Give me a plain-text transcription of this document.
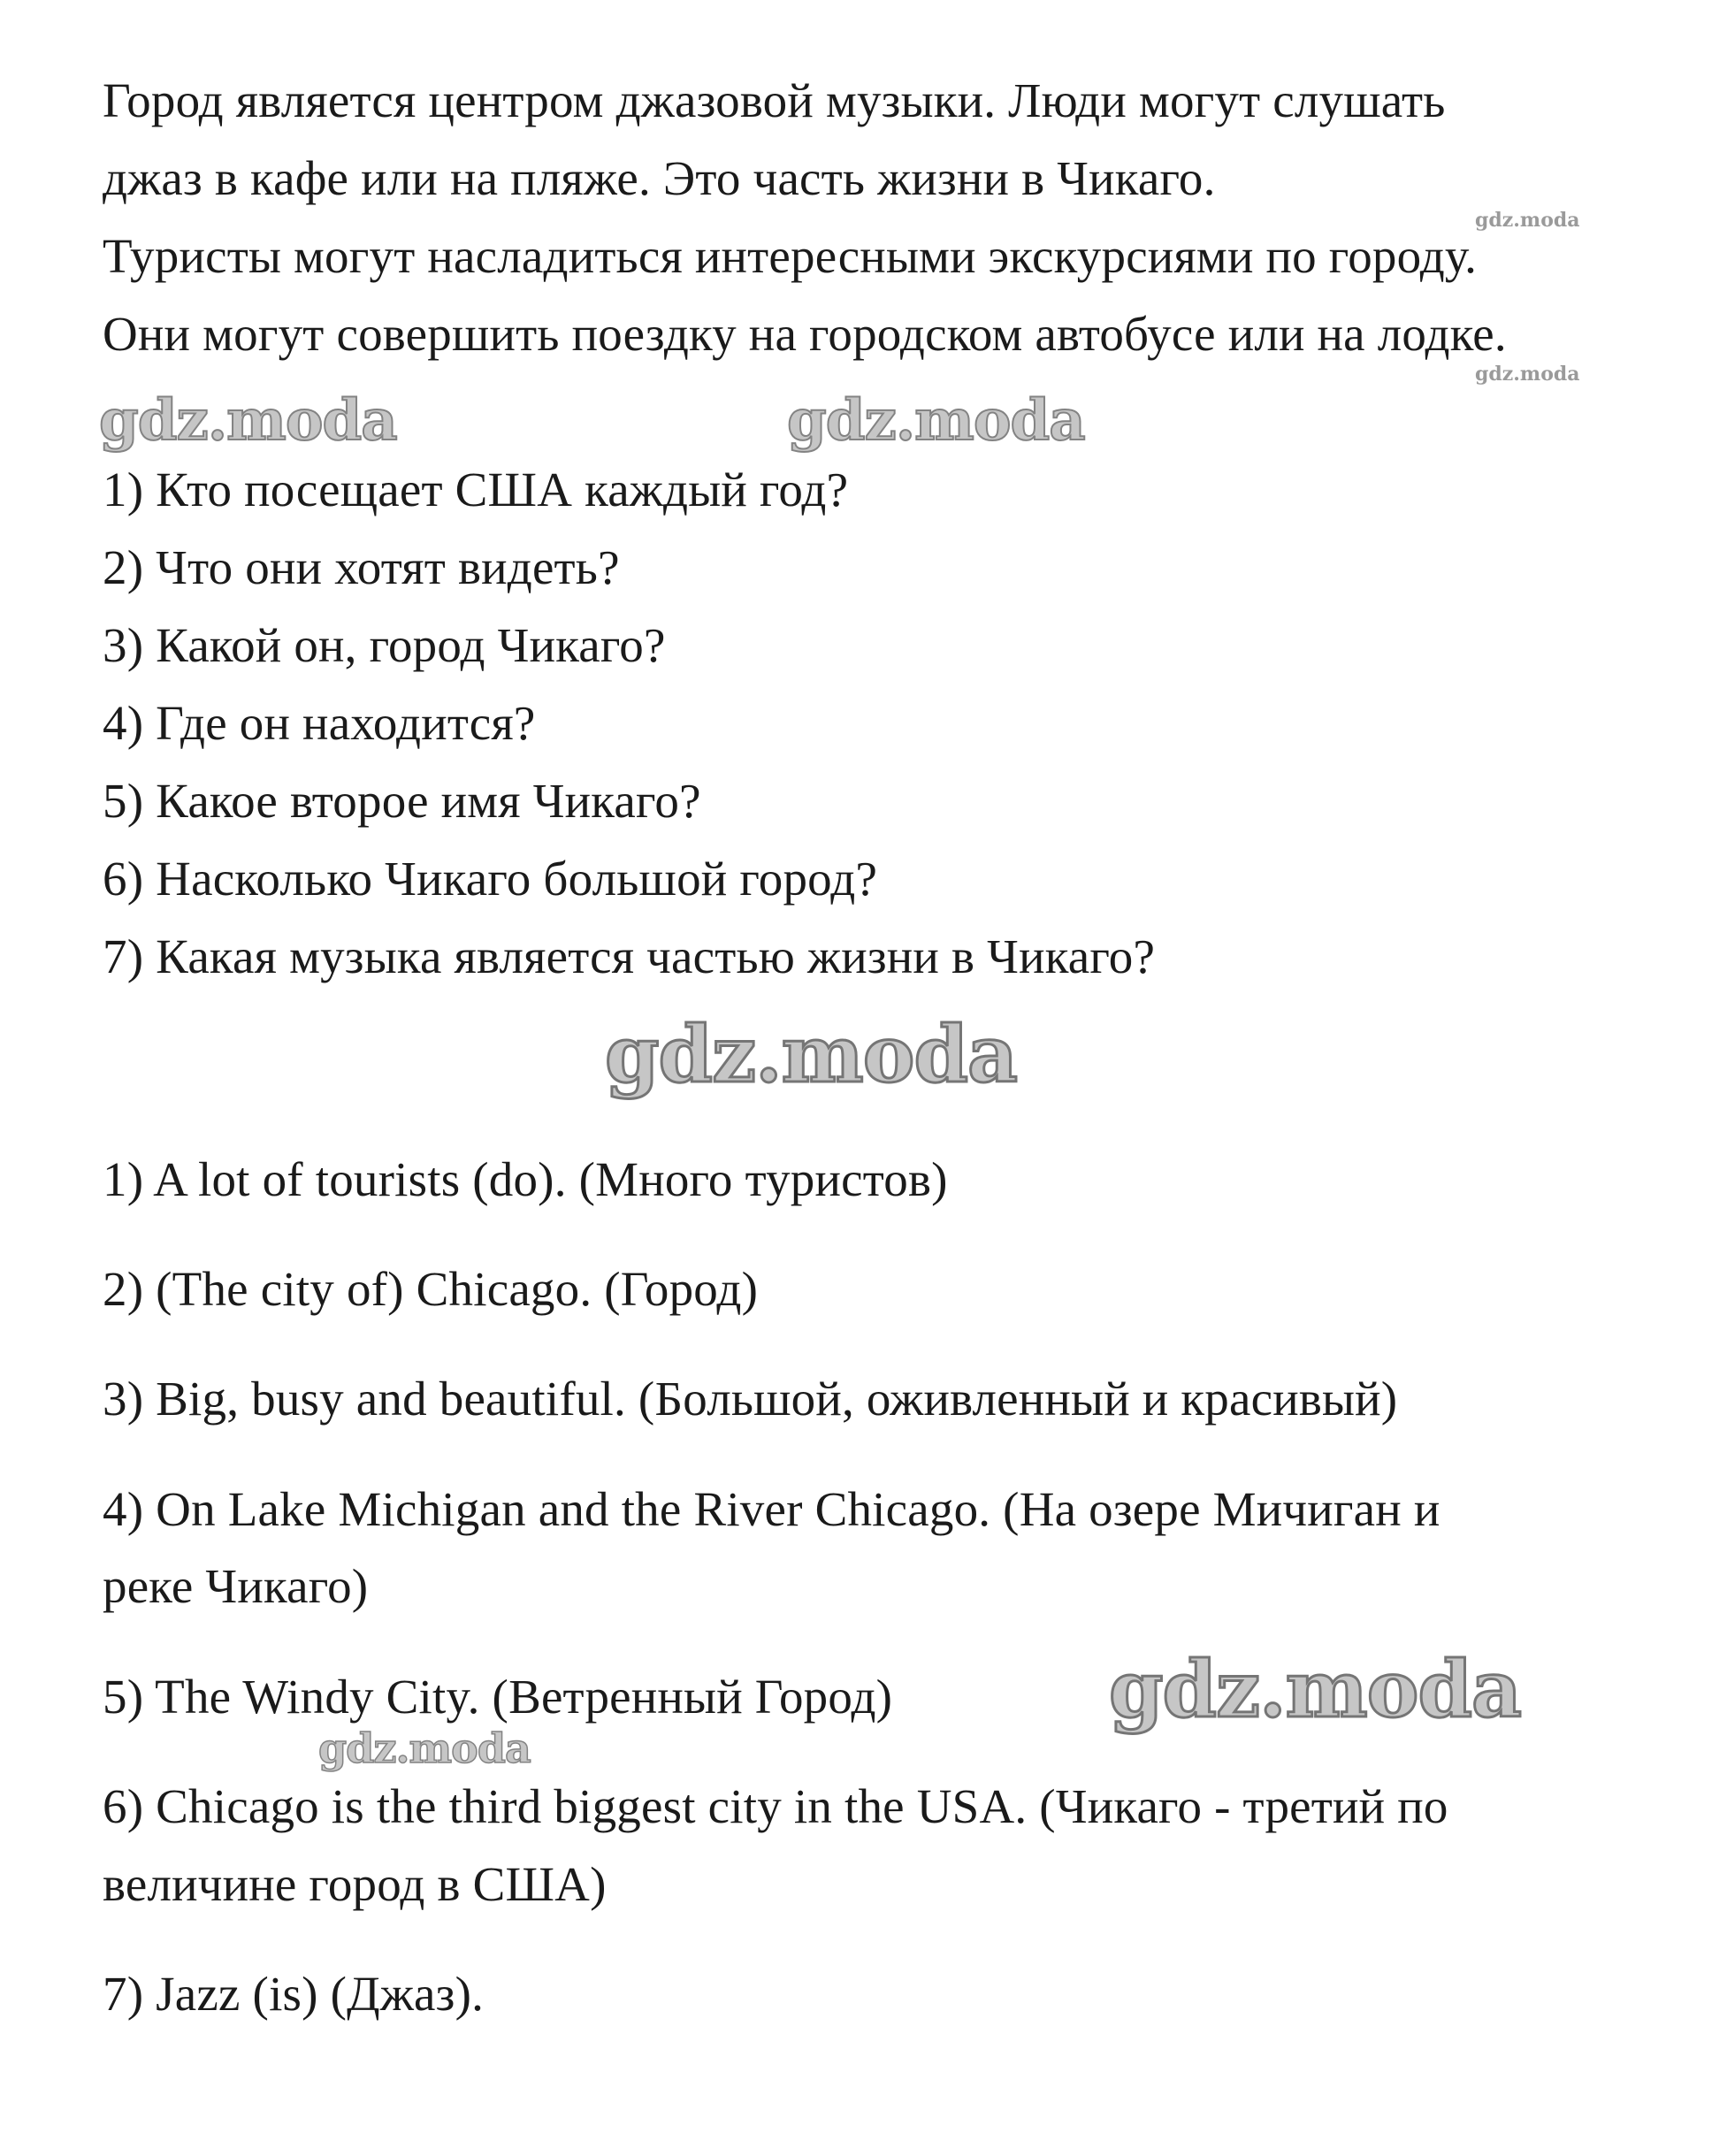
Город является центром джазовой музыки. Люди могут слушать
джаз в кафе или на пляже. Это часть жизни в Чикаго.
Туристы могут насладиться интересными экскурсиями по городу.
Они могут совершить поездку на городском автобусе или на лодке.
1) Кто посещает США каждый год?
2) Что они хотят видеть?
3) Какой он, город Чикаго?
4) Где он находится?
5) Какое второе имя Чикаго?
6) Насколько Чикаго большой город?
7) Какая музыка является частью жизни в Чикаго?
1) A lot of tourists (do). (Много туристов)
2) (The city of) Chicago. (Город)
3) Big, busy and beautiful. (Большой, оживленный и красивый)
4) On Lake Michigan and the River Chicago. (На озере Мичиган и
реке Чикаго)
5) The Windy City. (Ветренный Город)
6) Chicago is the third biggest city in the USA. (Чикаго - третий по
величине город в США)
7) Jazz (is) (Джаз).
gdz.moda
gdz.moda
gdz.moda	gdz.moda
gdz.moda
gdz.moda
gdz.moda
